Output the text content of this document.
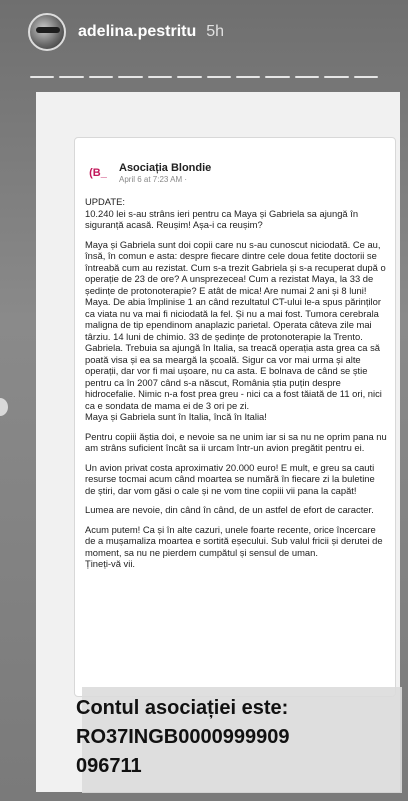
adelina.pestritu 5h
(B_	Asociația Blondie
April 6 at 7:23 AM ·

UPDATE:
10.240 lei s-au strâns ieri pentru ca Maya și Gabriela sa ajungă în siguranță acasă. Reușim! Așa-i ca reușim?

Maya și Gabriela sunt doi copii care nu s-au cunoscut niciodată. Ce au, însă, în comun e asta: despre fiecare dintre cele doua fetite doctorii se întreabă cum au rezistat. Cum s-a trezit Gabriela și s-a recuperat după o operație de 23 de ore? A unsprezecea! Cum a rezistat Maya, la 33 de ședințe de protonoterapie? E atât de mica! Are numai 2 ani și 8 luni! Maya. De abia împlinise 1 an când rezultatul CT-ului le-a spus părinților ca viata nu va mai fi niciodată la fel. Și nu a mai fost. Tumora cerebrala maligna de tip ependinom anaplazic parietal. Operata câteva zile mai târziu. 14 luni de chimio. 33 de ședințe de protonoterapie la Trento. Gabriela. Trebuia sa ajungă în Italia, sa treacă operația asta grea ca să poată visa și ea sa meargă la școală. Sigur ca vor mai urma și alte operații, dar vor fi mai ușoare, nu ca asta. E bolnava de când se știe pentru ca în 2007 când s-a născut, România știa puțin despre hidrocefalie. Nimic n-a fost prea greu - nici ca a fost tăiată de 11 ori, nici ca e sondata de mama ei de 3 ori pe zi.
Maya și Gabriela sunt în Italia, încă în Italia!

Pentru copiii ăștia doi, e nevoie sa ne unim iar si sa nu ne oprim pana nu am strâns suficient încât sa ii urcam într-un avion pregătit pentru ei.

Un avion privat costa aproximativ 20.000 euro! E mult, e greu sa cauti resurse tocmai acum când moartea se numără în fiecare zi la buletine de știri, dar vom găsi o cale și ne vom tine copiii vii pana la capăt!

Lumea are nevoie, din când în când, de un astfel de efort de caracter.

Acum putem! Ca și în alte cazuri, unele foarte recente, orice încercare de a mușamaliza moartea e sortită eșecului. Sub valul fricii și derutei de moment, sa nu ne pierdem cumpătul și sensul de uman.
Țineți-vă vii.

Contul asociației este:
RO37INGB0000999909
096711
